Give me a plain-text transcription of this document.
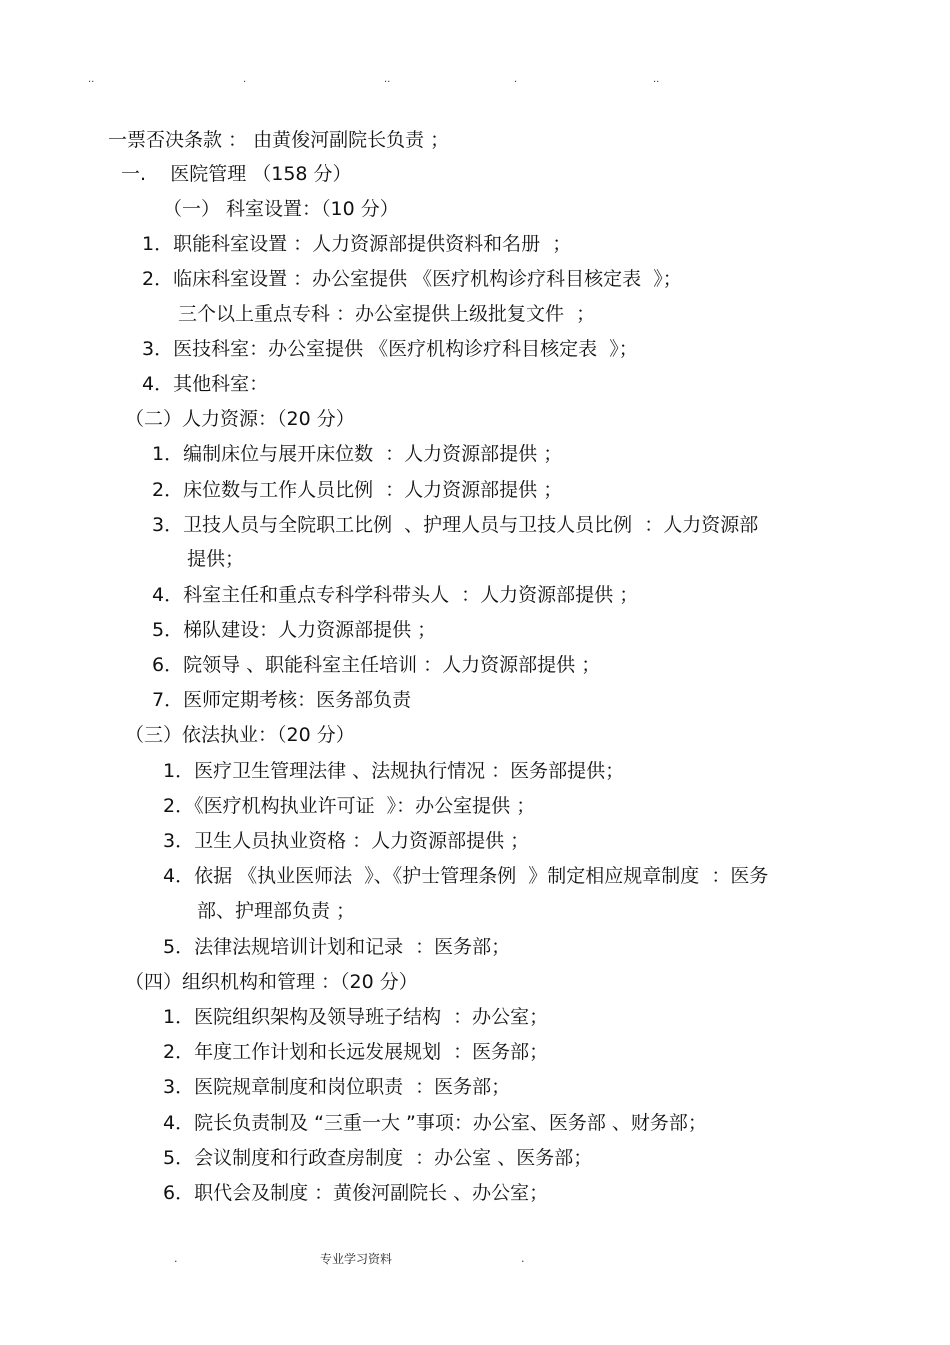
..	.	..	.	..
一票否决条款 ： 由黄俊河副院长负责 ；
一.    医院管理 （158 分）
（一） 科室设置：（10 分）
1．职能科室设置 ：人力资源部提供资料和名册  ；
2．临床科室设置 ：办公室提供 《医疗机构诊疗科目核定表  》；
三个以上重点专科 ：办公室提供上级批复文件  ；
3．医技科室：办公室提供 《医疗机构诊疗科目核定表  》；
4．其他科室：
（二）人力资源：（20 分）
1．编制床位与展开床位数  ：人力资源部提供 ；
2．床位数与工作人员比例  ：人力资源部提供 ；
3．卫技人员与全院职工比例  、护理人员与卫技人员比例  ：人力资源部
提供；
4．科室主任和重点专科学科带头人  ：人力资源部提供 ；
5．梯队建设：人力资源部提供 ；
6．院领导 、职能科室主任培训 ：人力资源部提供 ；
7．医师定期考核：医务部负责
（三）依法执业：（20 分）
1．医疗卫生管理法律 、法规执行情况 ：医务部提供；
2．《医疗机构执业许可证  》：办公室提供 ；
3．卫生人员执业资格 ：人力资源部提供 ；
4．依据 《执业医师法  》、《护士管理条例  》制定相应规章制度  ：医务
部、护理部负责 ；
5．法律法规培训计划和记录  ：医务部；
（四）组织机构和管理 ：（20 分）
1．医院组织架构及领导班子结构  ：办公室；
2．年度工作计划和长远发展规划  ：医务部；
3．医院规章制度和岗位职责  ：医务部；
4．院长负责制及 “三重一大 ”事项：办公室、医务部 、财务部；
5．会议制度和行政查房制度  ：办公室 、医务部；
6．职代会及制度 ：黄俊河副院长 、办公室；
.	专业学习资料	.
